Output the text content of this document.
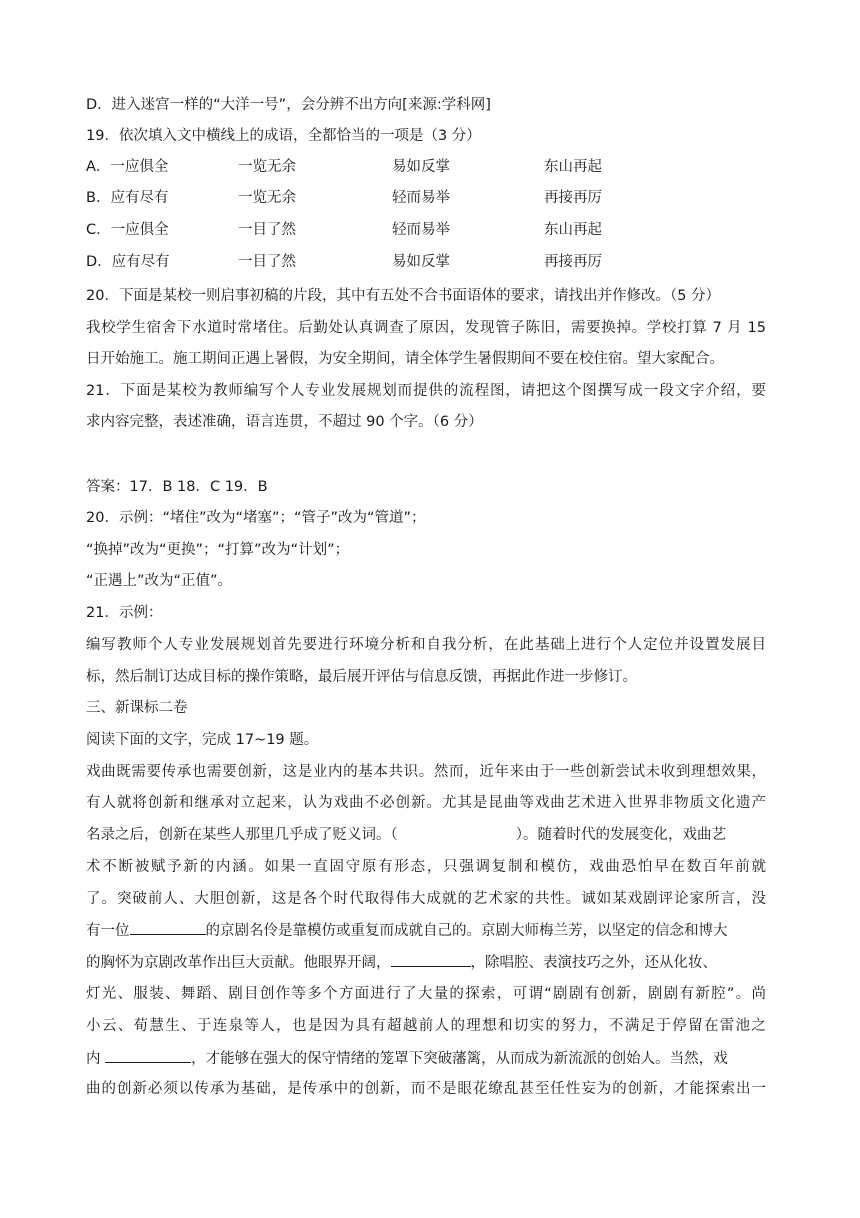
D．进入迷宫一样的“大洋一号”，会分辨不出方向[来源:学科网]
19．依次填入文中横线上的成语，全都恰当的一项是（3 分）
A．一应俱全	一览无余	易如反掌	东山再起
B．应有尽有	一览无余	轻而易举	再接再厉
C．一应俱全	一目了然	轻而易举	东山再起
D．应有尽有	一目了然	易如反掌	再接再厉
20．下面是某校一则启事初稿的片段，其中有五处不合书面语体的要求，请找出并作修改。（5 分）
我校学生宿舍下水道时常堵住。后勤处认真调查了原因，发现管子陈旧，需要换掉。学校打算 7 月 15
日开始施工。施工期间正遇上暑假，为安全期间，请全体学生暑假期间不要在校住宿。望大家配合。
21．下面是某校为教师编写个人专业发展规划而提供的流程图，请把这个图撰写成一段文字介绍，要
求内容完整，表述准确，语言连贯，不超过 90 个字。（6 分）
答案：17．B 18．C 19．B
20．示例：“堵住”改为“堵塞”；“管子”改为“管道”；
“换掉”改为“更换”；“打算”改为“计划”；
“正遇上”改为“正值”。
21．示例：
编写教师个人专业发展规划首先要进行环境分析和自我分析，在此基础上进行个人定位并设置发展目
标，然后制订达成目标的操作策略，最后展开评估与信息反馈，再据此作进一步修订。
三、新课标二卷
阅读下面的文字，完成 17~19 题。
戏曲既需要传承也需要创新，这是业内的基本共识。然而，近年来由于一些创新尝试未收到理想效果，
有人就将创新和继承对立起来，认为戏曲不必创新。尤其是昆曲等戏曲艺术进入世界非物质文化遗产
名录之后，创新在某些人那里几乎成了贬义词。（	）。随着时代的发展变化，戏曲艺
术不断被赋予新的内涵。如果一直固守原有形态，只强调复制和模仿，戏曲恐怕早在数百年前就
了。突破前人、大胆创新，这是各个时代取得伟大成就的艺术家的共性。诚如某戏剧评论家所言，没
有一位	的京剧名伶是靠模仿或重复而成就自己的。京剧大师梅兰芳，以坚定的信念和博大
的胸怀为京剧改革作出巨大贡献。他眼界开阔，	，除唱腔、表演技巧之外，还从化妆、
灯光、服装、舞蹈、剧目创作等多个方面进行了大量的探索，可谓“剧剧有创新，剧剧有新腔”。尚
小云、荀慧生、于连泉等人，也是因为具有超越前人的理想和切实的努力，不满足于停留在雷池之
内	，才能够在强大的保守情绪的笼罩下突破藩篱，从而成为新流派的创始人。当然，戏
曲的创新必须以传承为基础，是传承中的创新，而不是眼花缭乱甚至任性妄为的创新，才能探索出一
